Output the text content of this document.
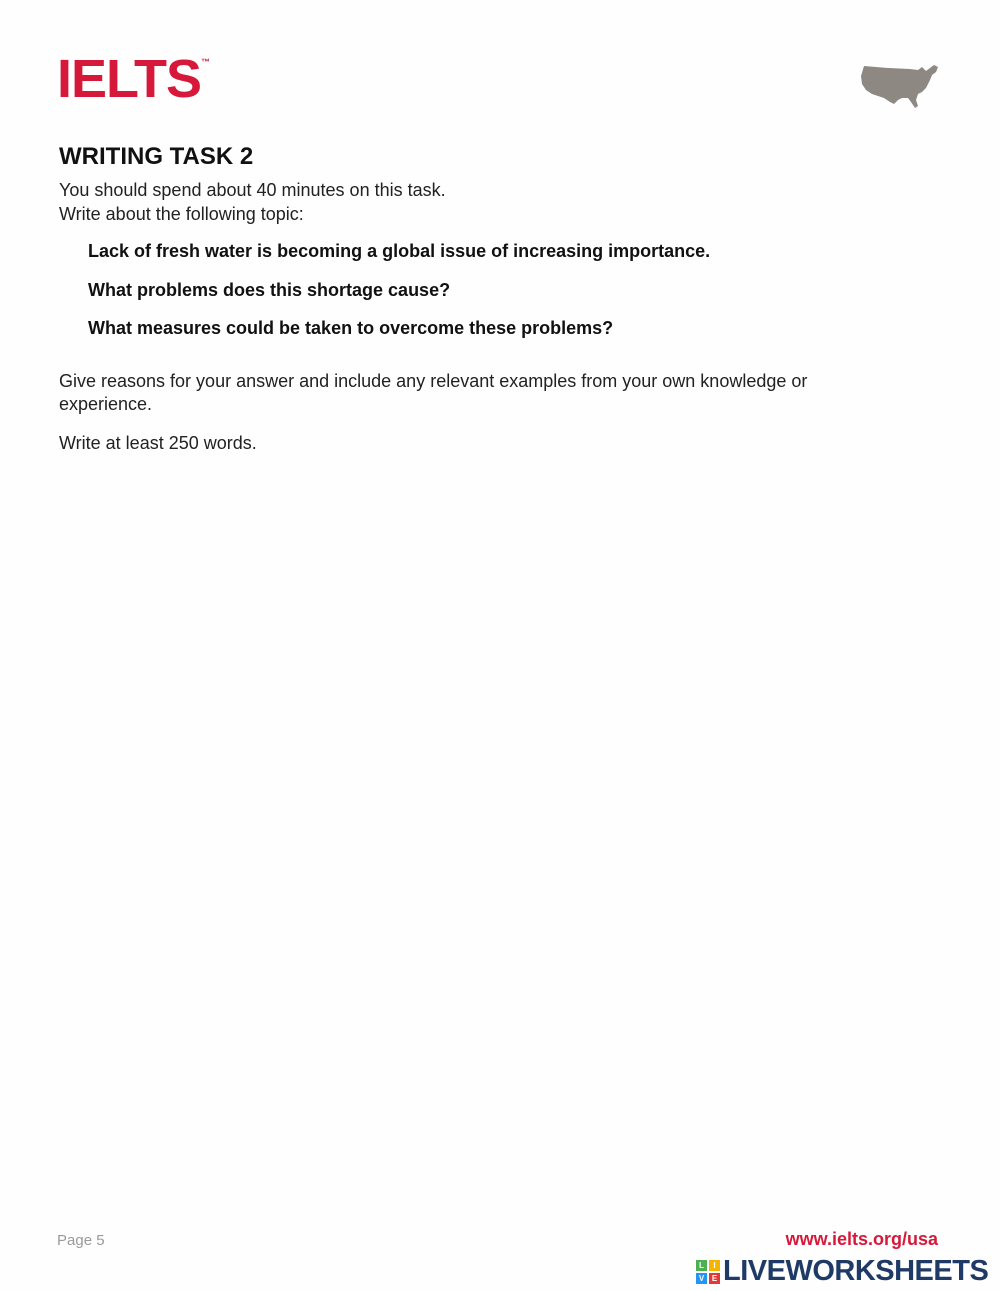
IELTS™
WRITING TASK 2

You should spend about 40 minutes on this task.

Write about the following topic:

Lack of fresh water is becoming a global issue of increasing importance.

What problems does this shortage cause?

What measures could be taken to overcome these problems?

Give reasons for your answer and include any relevant examples from your own knowledge or experience.

Write at least 250 words.

Page 5	www.ielts.org/usa
L	I
V E LIVEWORKSHEETS
